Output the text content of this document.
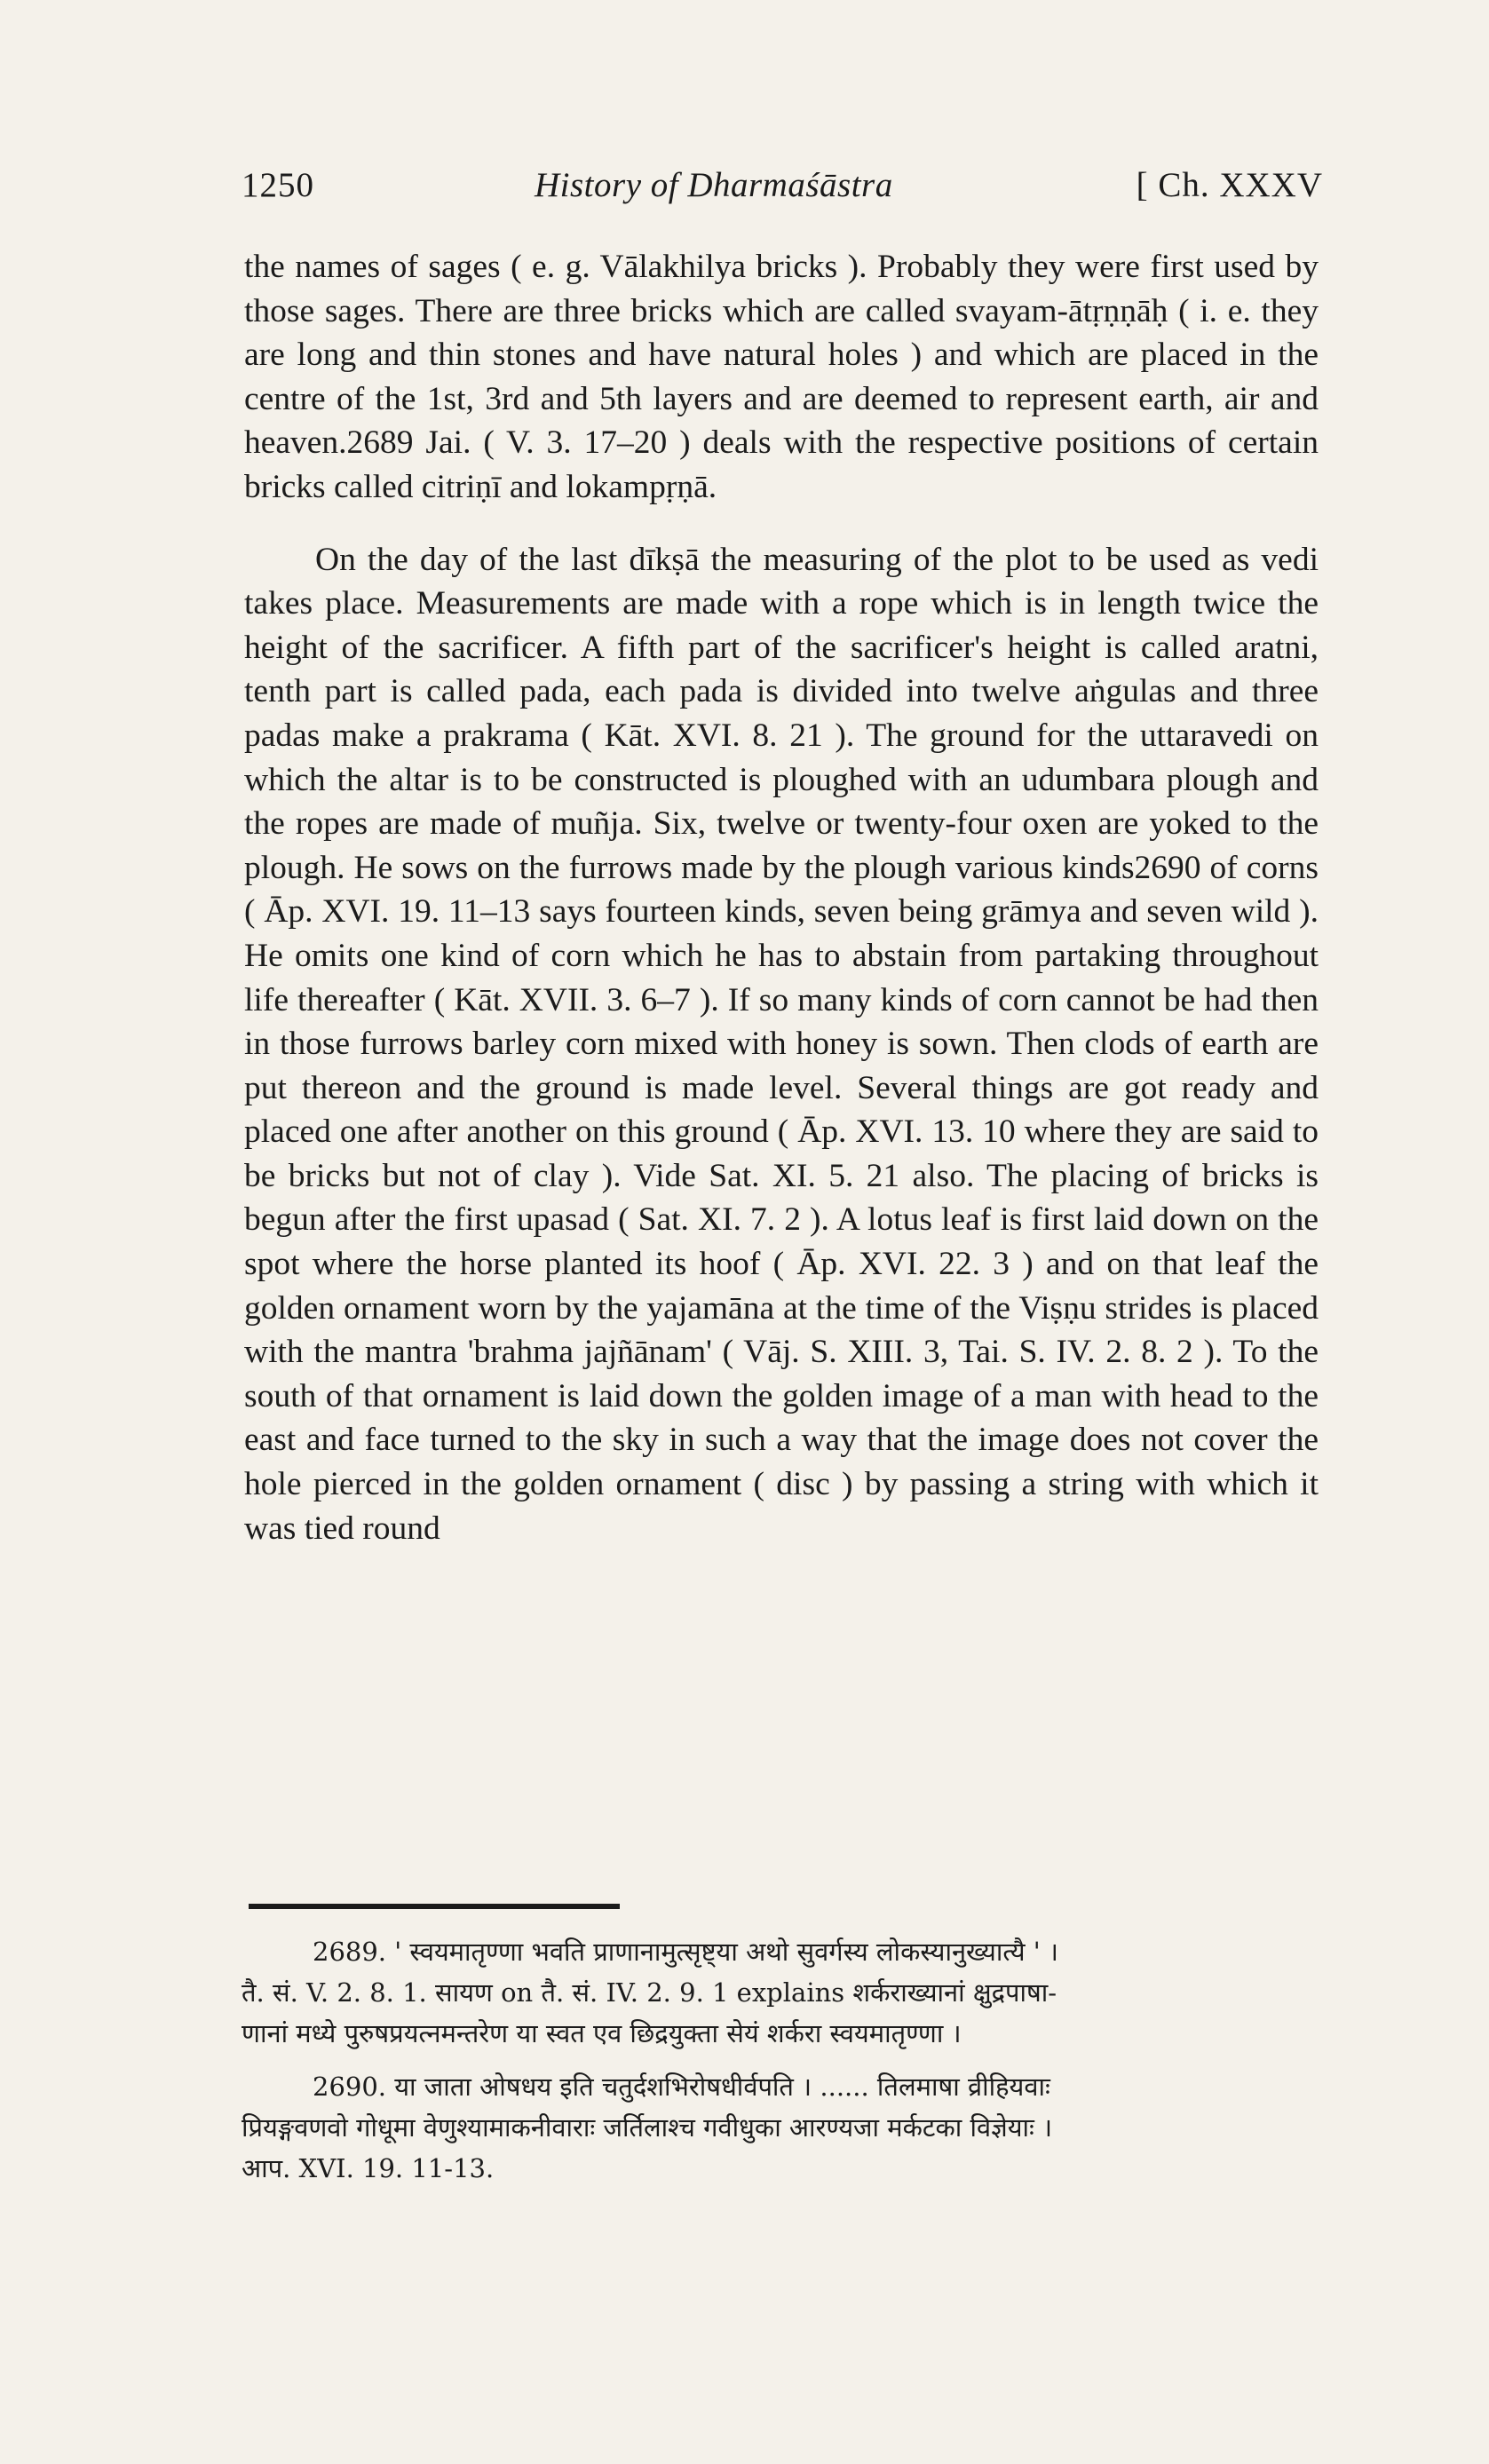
1250	History of Dharmaśāstra	[ Ch. XXXV

the names of sages ( e. g. Vālakhilya bricks ). Probably they were first used by those sages. There are three bricks which are called svayam-ātṛṇṇāḥ ( i. e. they are long and thin stones and have natural holes ) and which are placed in the centre of the 1st, 3rd and 5th layers and are deemed to represent earth, air and heaven.2689 Jai. ( V. 3. 17–20 ) deals with the respective positions of certain bricks called citriṇī and lokampṛṇā.

On the day of the last dīkṣā the measuring of the plot to be used as vedi takes place. Measurements are made with a rope which is in length twice the height of the sacrificer. A fifth part of the sacrificer's height is called aratni, tenth part is called pada, each pada is divided into twelve aṅgulas and three padas make a prakrama ( Kāt. XVI. 8. 21 ). The ground for the uttaravedi on which the altar is to be constructed is ploughed with an udumbara plough and the ropes are made of muñja. Six, twelve or twenty-four oxen are yoked to the plough. He sows on the furrows made by the plough various kinds2690 of corns ( Āp. XVI. 19. 11–13 says fourteen kinds, seven being grāmya and seven wild ). He omits one kind of corn which he has to abstain from partaking throughout life thereafter ( Kāt. XVII. 3. 6–7 ). If so many kinds of corn cannot be had then in those furrows barley corn mixed with honey is sown. Then clods of earth are put thereon and the ground is made level. Several things are got ready and placed one after another on this ground ( Āp. XVI. 13. 10 where they are said to be bricks but not of clay ). Vide Sat. XI. 5. 21 also. The placing of bricks is begun after the first upasad ( Sat. XI. 7. 2 ). A lotus leaf is first laid down on the spot where the horse planted its hoof ( Āp. XVI. 22. 3 ) and on that leaf the golden ornament worn by the yajamāna at the time of the Viṣṇu strides is placed with the mantra 'brahma jajñānam' ( Vāj. S. XIII. 3, Tai. S. IV. 2. 8. 2 ). To the south of that ornament is laid down the golden image of a man with head to the east and face turned to the sky in such a way that the image does not cover the hole pierced in the golden ornament ( disc ) by passing a string with which it was tied round

2689. ' स्वयमातृण्णा भवति प्राणानामुत्सृष्ट्या अथो सुवर्गस्य लोकस्यानुख्यात्यै ' ।
तै. सं. V. 2. 8. 1. सायण on तै. सं. IV. 2. 9. 1 explains शर्कराख्यानां क्षुद्रपाषा-
णानां मध्ये पुरुषप्रयत्नमन्तरेण या स्वत एव छिद्रयुक्ता सेयं शर्करा स्वयमातृण्णा ।

2690. या जाता ओषधय इति चतुर्दशभिरोषधीर्वपति । ...... तिलमाषा व्रीहियवाः
प्रियङ्गवणवो गोधूमा वेणुश्यामाकनीवाराः जर्तिलाश्च गवीधुका आरण्यजा मर्कटका विज्ञेयाः ।
आप. XVI. 19. 11-13.
